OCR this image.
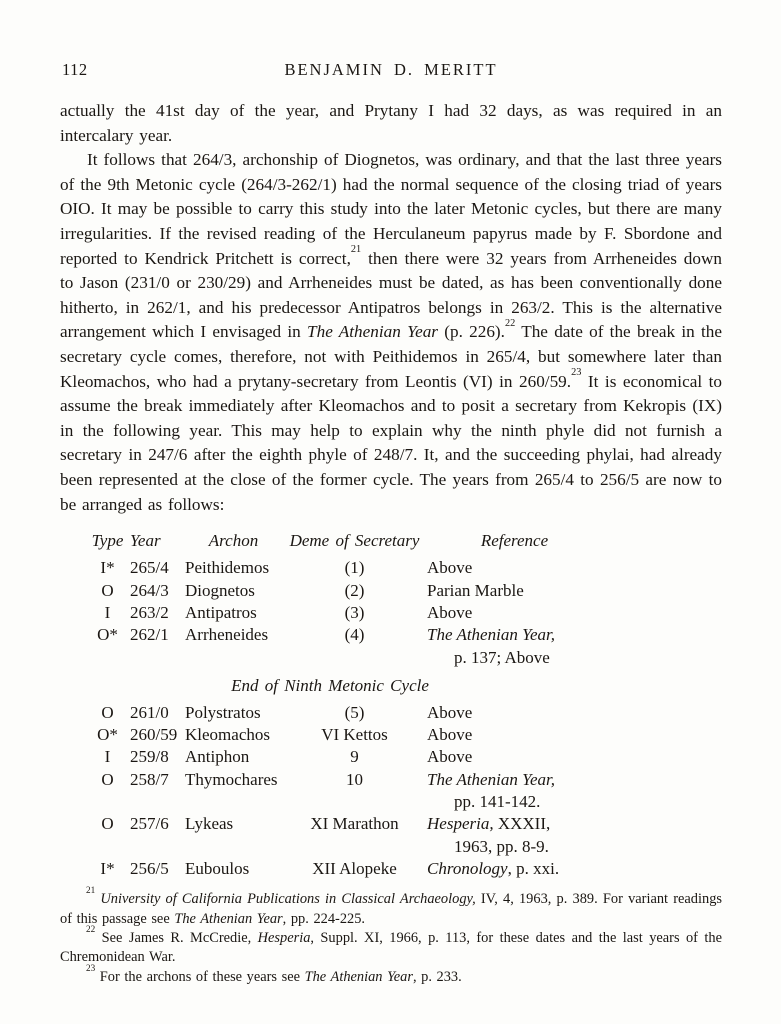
112	BENJAMIN D. MERITT

actually the 41st day of the year, and Prytany I had 32 days, as was required in an intercalary year.

It follows that 264/3, archonship of Diognetos, was ordinary, and that the last three years of the 9th Metonic cycle (264/3-262/1) had the normal sequence of the closing triad of years OIO. It may be possible to carry this study into the later Metonic cycles, but there are many irregularities. If the revised reading of the Herculaneum papyrus made by F. Sbordone and reported to Kendrick Pritchett is correct,$^{21}$ then there were 32 years from Arrheneides down to Jason (231/0 or 230/29) and Arrheneides must be dated, as has been conventionally done hitherto, in 262/1, and his predecessor Antipatros belongs in 263/2. This is the alternative arrangement which I envisaged in The Athenian Year (p. 226).$^{22}$ The date of the break in the secretary cycle comes, therefore, not with Peithidemos in 265/4, but somewhere later than Kleomachos, who had a prytany-secretary from Leontis (VI) in 260/59.23 It is economical to assume the break immediately after Kleomachos and to posit a secretary from Kekropis (IX) in the following year. This may help to explain why the ninth phyle did not furnish a secretary in 247/6 after the eighth phyle of 248/7. It, and the succeeding phylai, had already been represented at the close of the former cycle. The years from 265/4 to 256/5 are now to be arranged as follows:

Type Year	Archon	Deme of Secretary	Reference
I* 265/4 Peithidemos	(1)	Above
O 264/3 Diognetos	(2)	Parian Marble
I	263/2 Antipatros	(3)	Above
O* 262/1 Arrheneides	(4)	The Athenian Year,
p. 137; Above
End of Ninth Metonic Cycle
O 261/0 Polystratos	(5)	Above
O* 260/59 Kleomachos	VI Kettos	Above
I	259/8 Antiphon	9	Above
O 258/7 Thymochares	10	The Athenian Year,
pp. 141-142.
O 257/6 Lykeas	XI Marathon	Hesperia, XXXII,
1963, pp. 8-9.
I* 256/5 Euboulos	XII Alopeke	Chronology, p. xxi.

$^{21}$ University of California Publications in Classical Archaeology, IV, 4, 1963, p. 389. For variant readings of this passage see The Athenian Year, pp. 224-225.

$^{22}$ See James R. McCredie, Hesperia, Suppl. XI, 1966, p. 113, for these dates and the last years of the Chremonidean War.

$^{23}$ For the archons of these years see The Athenian Year, p. 233.
